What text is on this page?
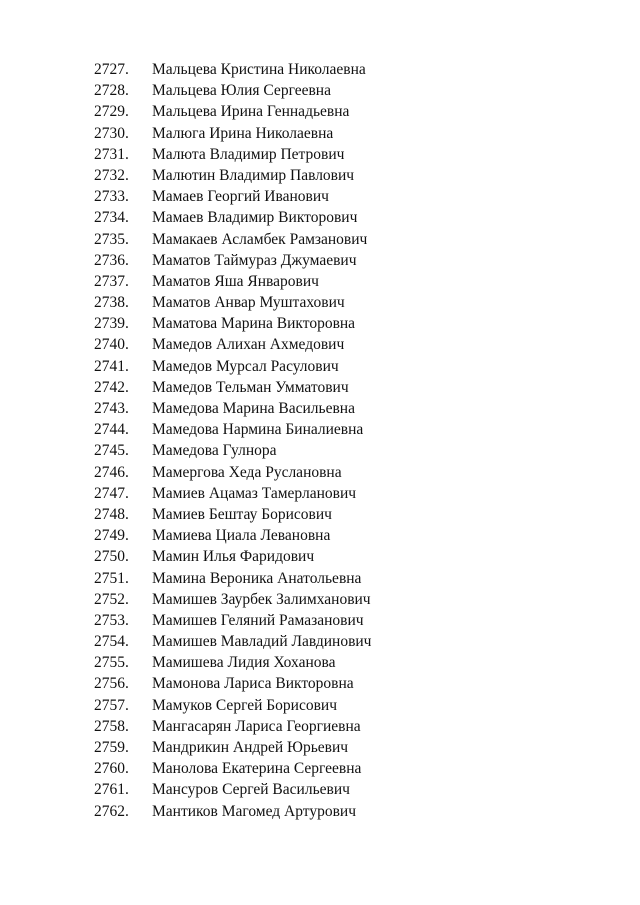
2727.	Мальцева Кристина Николаевна
2728.	Мальцева Юлия Сергеевна
2729.	Мальцева Ирина Геннадьевна
2730.	Малюга Ирина Николаевна
2731.	Малюта Владимир Петрович
2732.	Малютин Владимир Павлович
2733.	Мамаев Георгий Иванович
2734.	Мамаев Владимир Викторович
2735.	Мамакаев Асламбек Рамзанович
2736.	Маматов Таймураз Джумаевич
2737.	Маматов Яша Январович
2738.	Маматов Анвар Муштахович
2739.	Маматова Марина Викторовна
2740.	Мамедов Алихан Ахмедович
2741.	Мамедов Мурсал Расулович
2742.	Мамедов Тельман Умматович
2743.	Мамедова Марина Васильевна
2744.	Мамедова Нармина Биналиевна
2745.	Мамедова Гулнора
2746.	Мамергова Хеда Руслановна
2747.	Мамиев Ацамаз Тамерланович
2748.	Мамиев Бештау Борисович
2749.	Мамиева Циала Левановна
2750.	Мамин Илья Фаридович
2751.	Мамина Вероника Анатольевна
2752.	Мамишев Заурбек Залимханович
2753.	Мамишев Геляний Рамазанович
2754.	Мамишев Мавладий Лавдинович
2755.	Мамишева Лидия Хоханова
2756.	Мамонова Лариса Викторовна
2757.	Мамуков Сергей Борисович
2758.	Мангасарян Лариса Георгиевна
2759.	Мандрикин Андрей Юрьевич
2760.	Манолова Екатерина Сергеевна
2761.	Мансуров Сергей Васильевич
2762.	Мантиков Магомед Артурович
